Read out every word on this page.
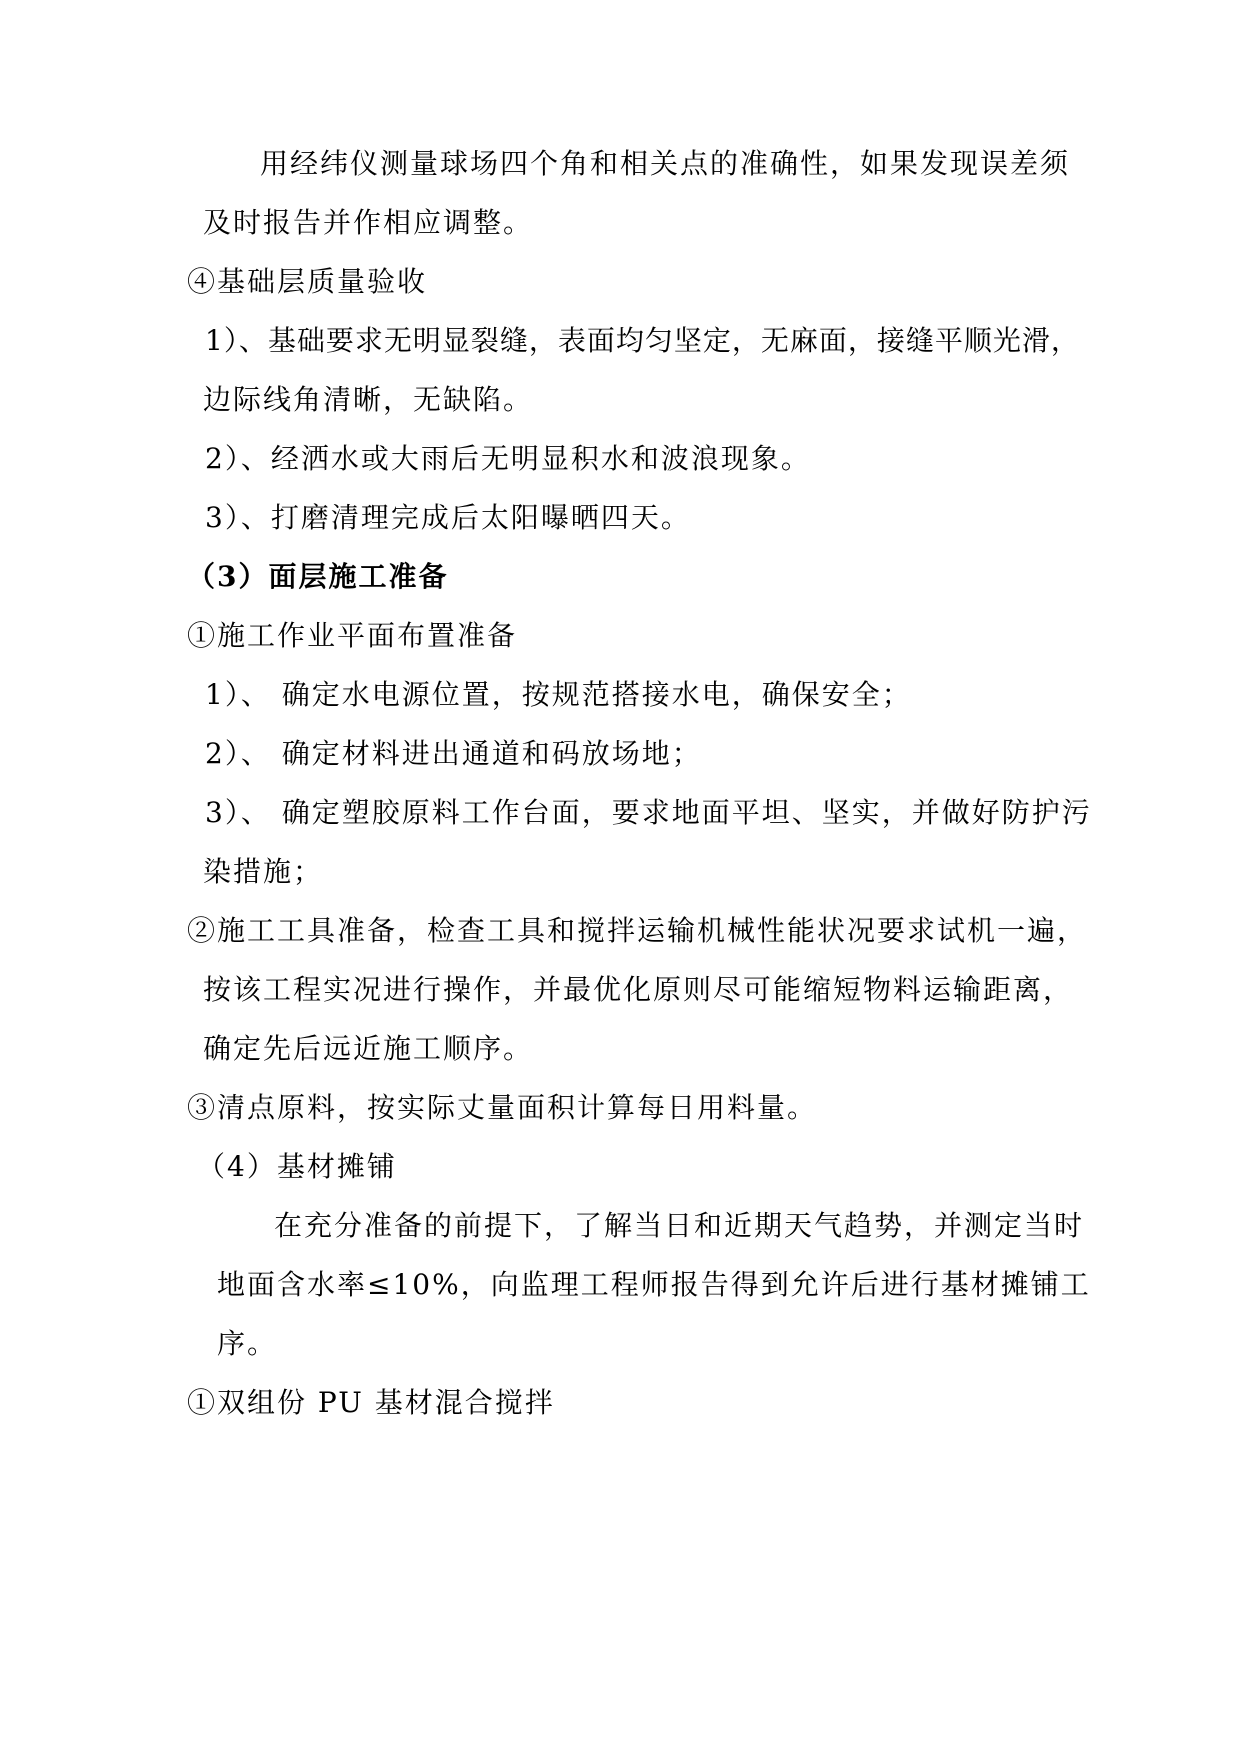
用经纬仪测量球场四个角和相关点的准确性，如果发现误差须
及时报告并作相应调整。
④基础层质量验收
1）、基础要求无明显裂缝，表面均匀坚定，无麻面，接缝平顺光滑，
边际线角清晰，无缺陷。
2）、经洒水或大雨后无明显积水和波浪现象。
3）、打磨清理完成后太阳曝晒四天。
（3）面层施工准备
①施工作业平面布置准备
1）、 确定水电源位置，按规范搭接水电，确保安全；
2）、 确定材料进出通道和码放场地；
3）、 确定塑胶原料工作台面，要求地面平坦、坚实，并做好防护污
染措施；
②施工工具准备，检查工具和搅拌运输机械性能状况要求试机一遍，
按该工程实况进行操作，并最优化原则尽可能缩短物料运输距离，
确定先后远近施工顺序。
③清点原料，按实际丈量面积计算每日用料量。
（4）基材摊铺
在充分准备的前提下，了解当日和近期天气趋势，并测定当时
地面含水率≤10%，向监理工程师报告得到允许后进行基材摊铺工
序。
①双组份 PU 基材混合搅拌
